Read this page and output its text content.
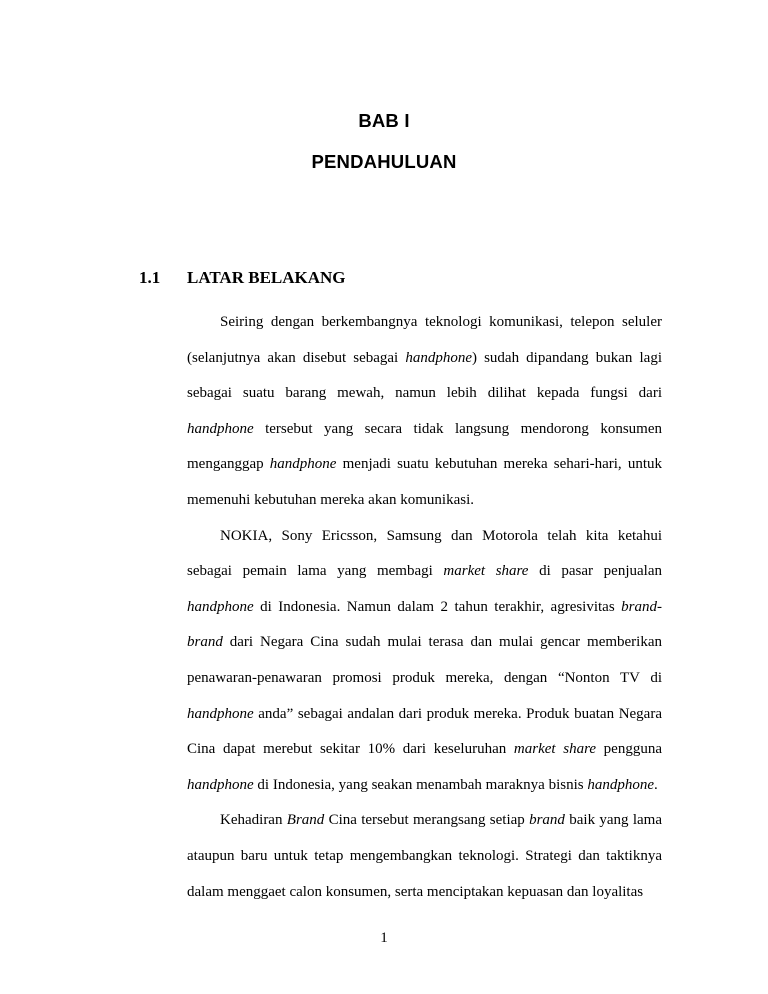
BAB I
PENDAHULUAN
1.1 LATAR BELAKANG

Seiring dengan berkembangnya teknologi komunikasi, telepon seluler (selanjutnya akan disebut sebagai handphone) sudah dipandang bukan lagi sebagai suatu barang mewah, namun lebih dilihat kepada fungsi dari handphone tersebut yang secara tidak langsung mendorong konsumen menganggap handphone menjadi suatu kebutuhan mereka sehari-hari, untuk memenuhi kebutuhan mereka akan komunikasi.

NOKIA, Sony Ericsson, Samsung dan Motorola telah kita ketahui sebagai pemain lama yang membagi market share di pasar penjualan handphone di Indonesia. Namun dalam 2 tahun terakhir, agresivitas brand-brand dari Negara Cina sudah mulai terasa dan mulai gencar memberikan penawaran-penawaran promosi produk mereka, dengan “Nonton TV di handphone anda” sebagai andalan dari produk mereka. Produk buatan Negara Cina dapat merebut sekitar 10% dari keseluruhan market share pengguna handphone di Indonesia, yang seakan menambah maraknya bisnis handphone.

Kehadiran Brand Cina tersebut merangsang setiap brand baik yang lama ataupun baru untuk tetap mengembangkan teknologi. Strategi dan taktiknya dalam menggaet calon konsumen, serta menciptakan kepuasan dan loyalitas

1
